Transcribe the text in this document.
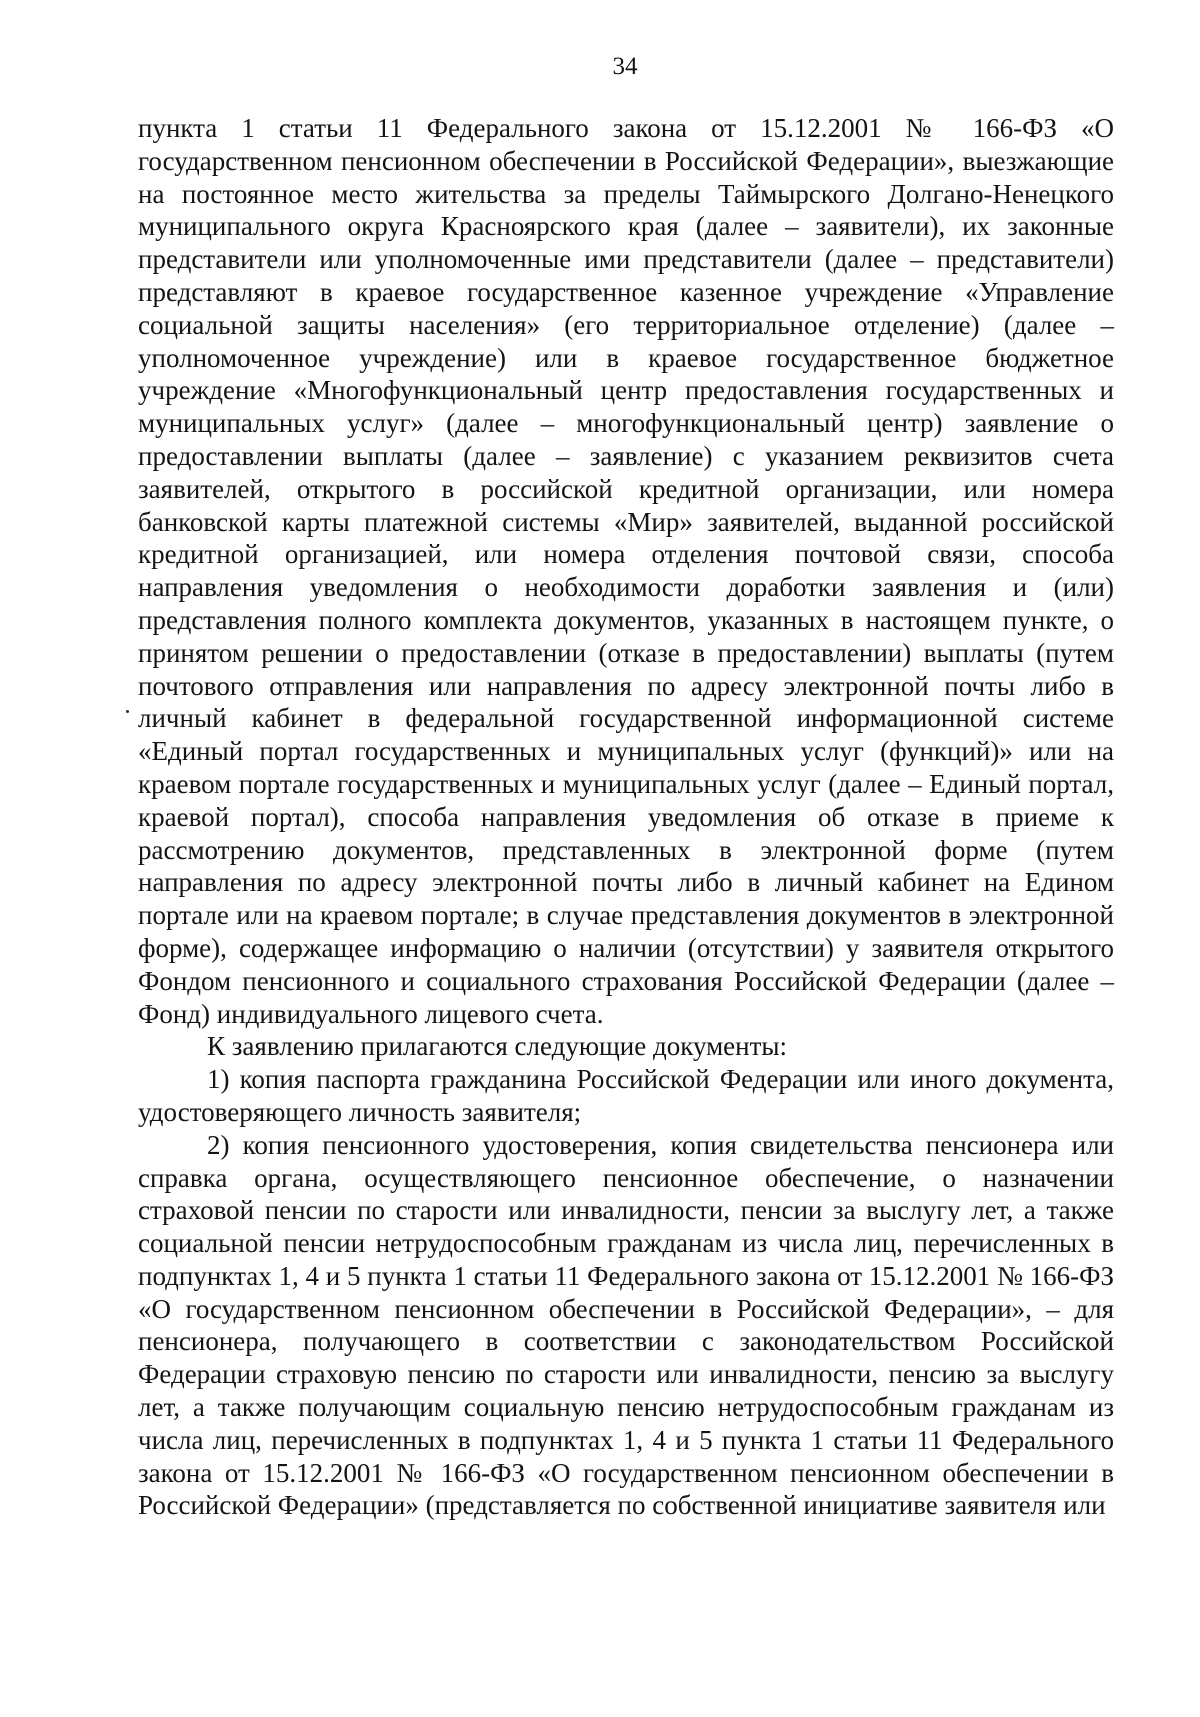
34

пункта 1 статьи 11 Федерального закона от 15.12.2001 № 166-ФЗ «О государственном пенсионном обеспечении в Российской Федерации», выезжающие на постоянное место жительства за пределы Таймырского Долгано-Ненецкого муниципального округа Красноярского края (далее – заявители), их законные представители или уполномоченные ими представители (далее – представители) представляют в краевое государственное казенное учреждение «Управление социальной защиты населения» (его территориальное отделение) (далее – уполномоченное учреждение) или в краевое государственное бюджетное учреждение «Многофункциональный центр предоставления государственных и муниципальных услуг» (далее – многофункциональный центр) заявление о предоставлении выплаты (далее – заявление) с указанием реквизитов счета заявителей, открытого в российской кредитной организации, или номера банковской карты платежной системы «Мир» заявителей, выданной российской кредитной организацией, или номера отделения почтовой связи, способа направления уведомления о необходимости доработки заявления и (или) представления полного комплекта документов, указанных в настоящем пункте, о принятом решении о предоставлении (отказе в предоставлении) выплаты (путем почтового отправления или направления по адресу электронной почты либо в личный кабинет в федеральной государственной информационной системе «Единый портал государственных и муниципальных услуг (функций)» или на краевом портале государственных и муниципальных услуг (далее – Единый портал, краевой портал), способа направления уведомления об отказе в приеме к рассмотрению документов, представленных в электронной форме (путем направления по адресу электронной почты либо в личный кабинет на Едином портале или на краевом портале; в случае представления документов в электронной форме), содержащее информацию о наличии (отсутствии) у заявителя открытого Фондом пенсионного и социального страхования Российской Федерации (далее – Фонд) индивидуального лицевого счета.

К заявлению прилагаются следующие документы:

1) копия паспорта гражданина Российской Федерации или иного документа, удостоверяющего личность заявителя;

2) копия пенсионного удостоверения, копия свидетельства пенсионера или справка органа, осуществляющего пенсионное обеспечение, о назначении страховой пенсии по старости или инвалидности, пенсии за выслугу лет, а также социальной пенсии нетрудоспособным гражданам из числа лиц, перечисленных в подпунктах 1, 4 и 5 пункта 1 статьи 11 Федерального закона от 15.12.2001 № 166-ФЗ «О государственном пенсионном обеспечении в Российской Федерации», – для пенсионера, получающего в соответствии с законодательством Российской Федерации страховую пенсию по старости или инвалидности, пенсию за выслугу лет, а также получающим социальную пенсию нетрудоспособным гражданам из числа лиц, перечисленных в подпунктах 1, 4 и 5 пункта 1 статьи 11 Федерального закона от 15.12.2001 № 166-ФЗ «О государственном пенсионном обеспечении в Российской Федерации» (представляется по собственной инициативе заявителя или
